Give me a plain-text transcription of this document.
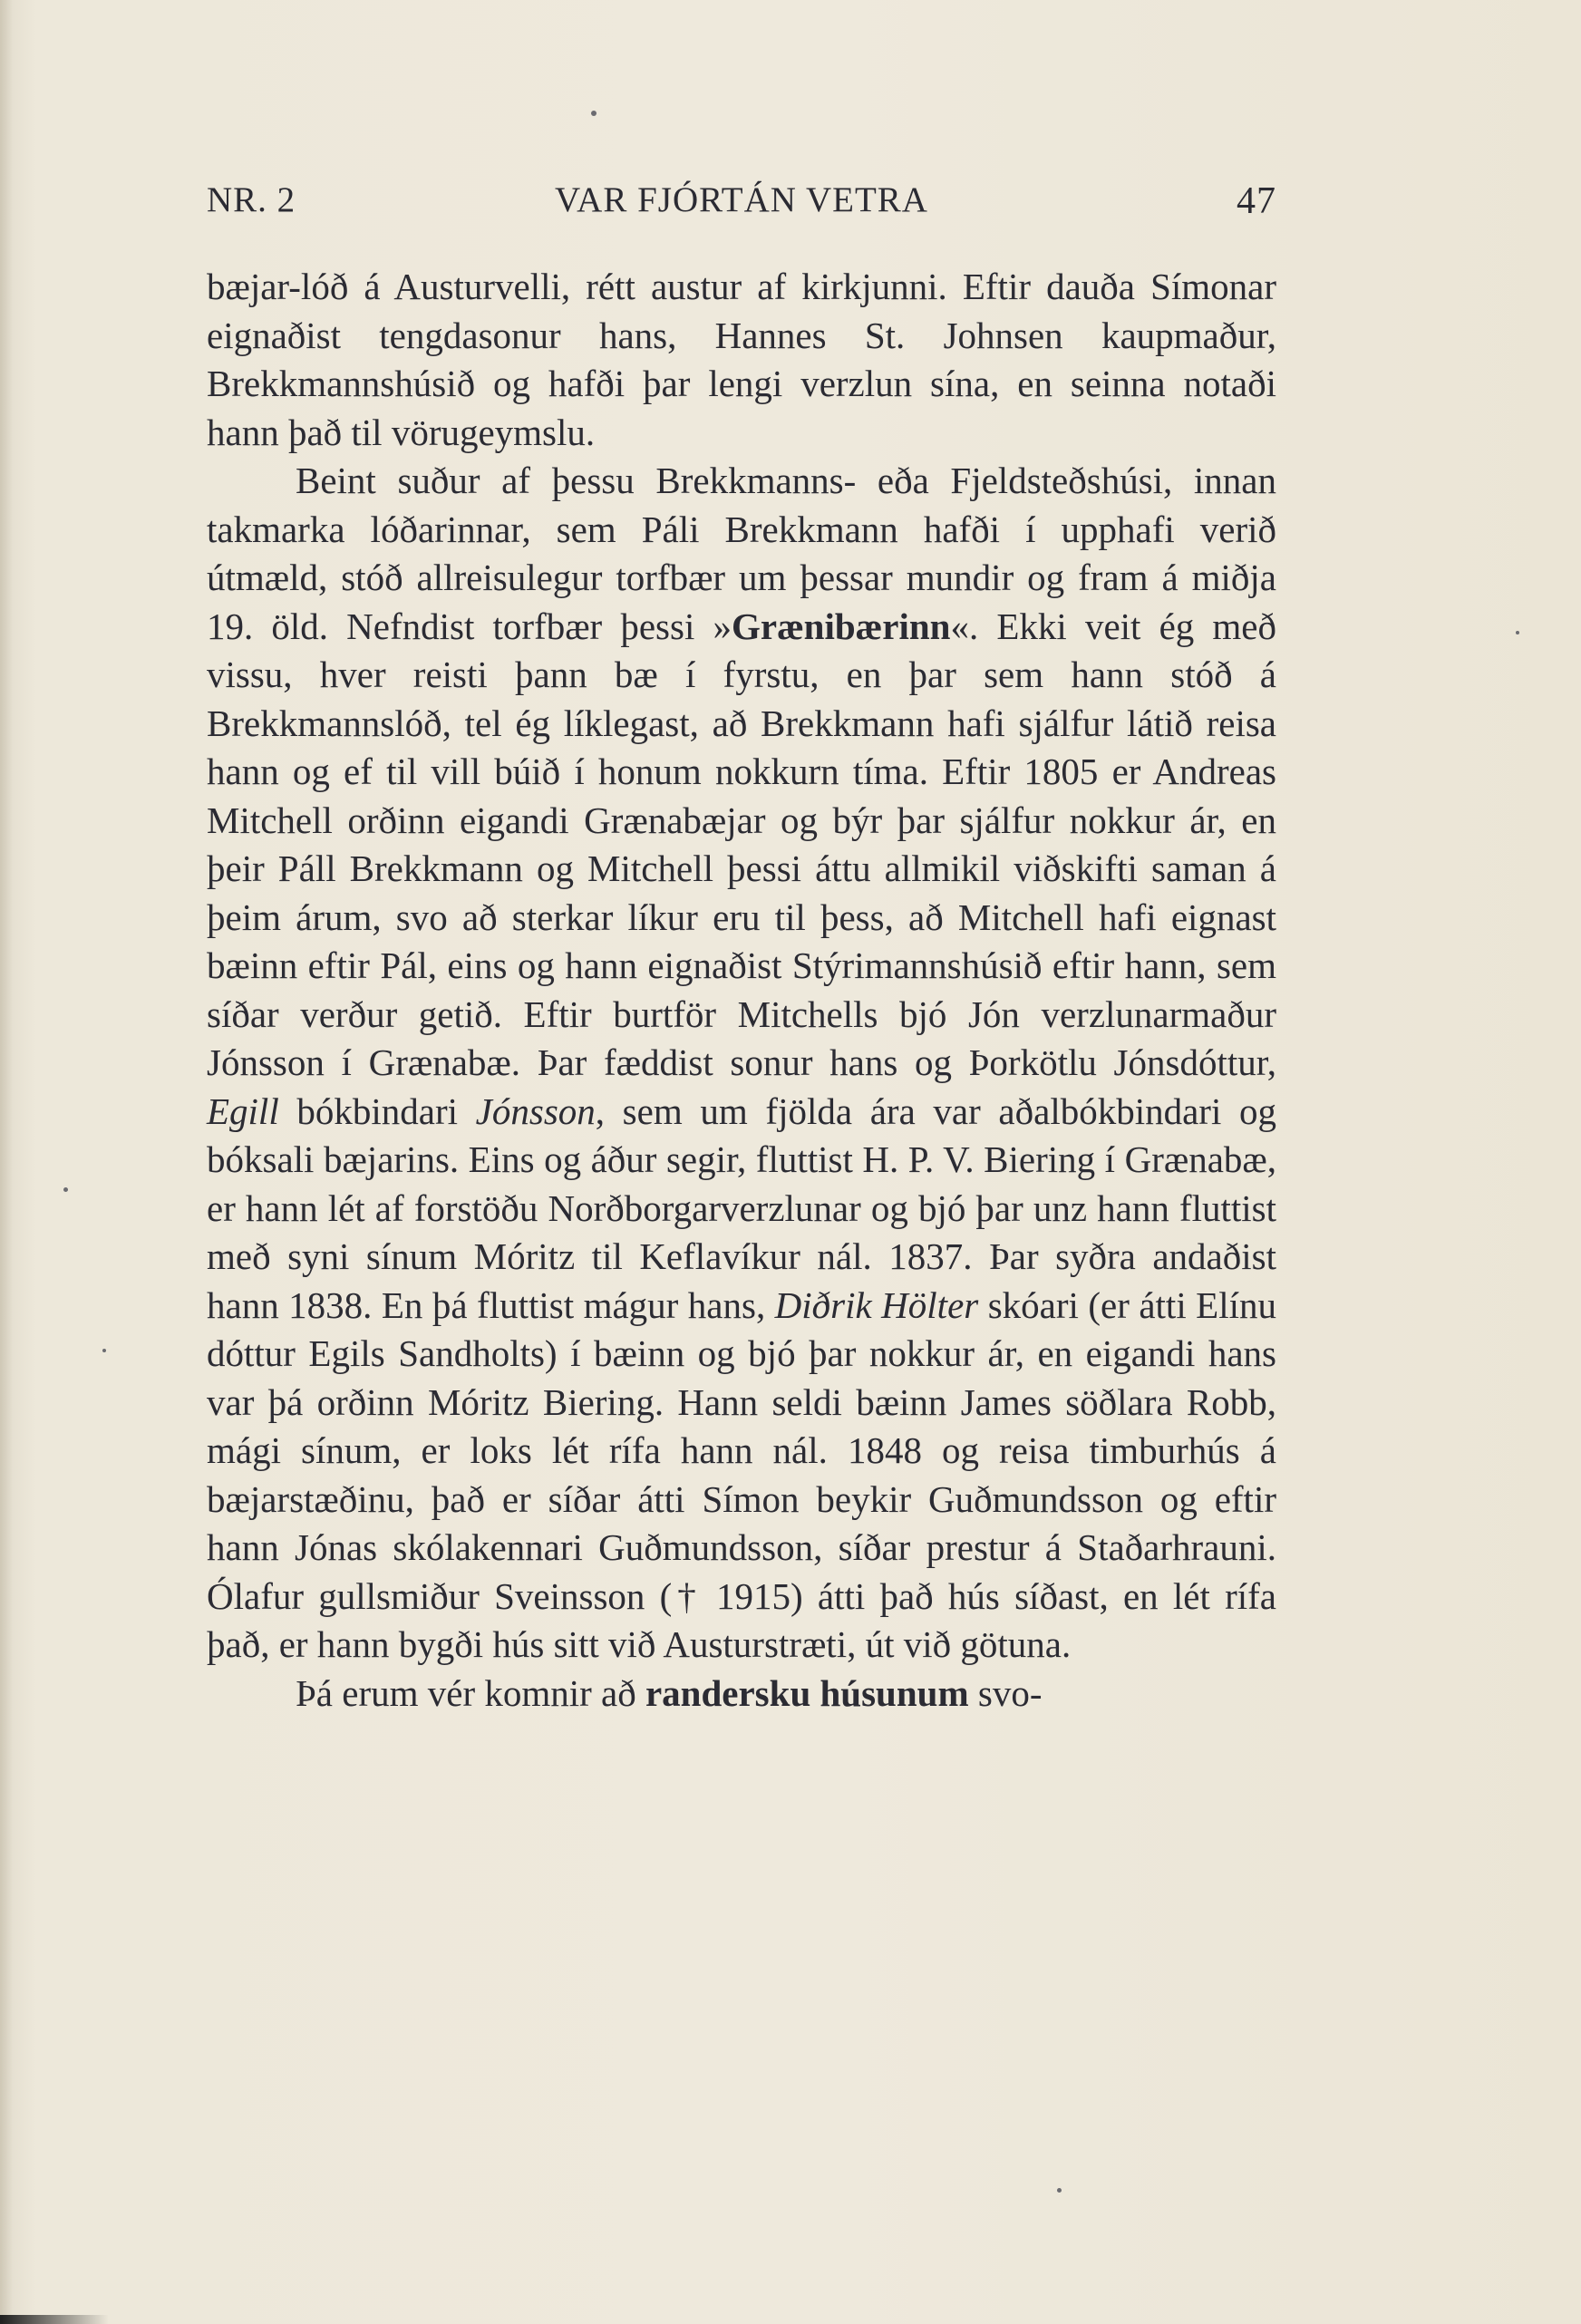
NR. 2	VAR FJÓRTÁN VETRA	47

bæjar-lóð á Austurvelli, rétt austur af kirkjunni. Eftir dauða Símonar eignaðist tengdasonur hans, Hannes St. Johnsen kaupmaður, Brekkmannshúsið og hafði þar lengi verzlun sína, en seinna notaði hann það til vörugeymslu.

Beint suður af þessu Brekkmanns- eða Fjeldsteðshúsi, innan takmarka lóðarinnar, sem Páli Brekkmann hafði í upphafi verið útmæld, stóð allreisulegur torfbær um þessar mundir og fram á miðja 19. öld. Nefndist torfbær þessi »Grænibærinn«. Ekki veit ég með vissu, hver reisti þann bæ í fyrstu, en þar sem hann stóð á Brekkmannslóð, tel ég líklegast, að Brekkmann hafi sjálfur látið reisa hann og ef til vill búið í honum nokkurn tíma. Eftir 1805 er Andreas Mitchell orðinn eigandi Grænabæjar og býr þar sjálfur nokkur ár, en þeir Páll Brekkmann og Mitchell þessi áttu allmikil viðskifti saman á þeim árum, svo að sterkar líkur eru til þess, að Mitchell hafi eignast bæinn eftir Pál, eins og hann eignaðist Stýrimannshúsið eftir hann, sem síðar verður getið. Eftir burtför Mitchells bjó Jón verzlunarmaður Jónsson í Grænabæ. Þar fæddist sonur hans og Þorkötlu Jónsdóttur, Egill bókbindari Jónsson, sem um fjölda ára var aðalbókbindari og bóksali bæjarins. Eins og áður segir, fluttist H. P. V. Biering í Grænabæ, er hann lét af forstöðu Norðborgarverzlunar og bjó þar unz hann fluttist með syni sínum Móritz til Keflavíkur nál. 1837. Þar syðra andaðist hann 1838. En þá fluttist mágur hans, Diðrik Hölter skóari (er átti Elínu dóttur Egils Sandholts) í bæinn og bjó þar nokkur ár, en eigandi hans var þá orðinn Móritz Biering. Hann seldi bæinn James söðlara Robb, mági sínum, er loks lét rífa hann nál. 1848 og reisa timburhús á bæjarstæðinu, það er síðar átti Símon beykir Guðmundsson og eftir hann Jónas skólakennari Guðmundsson, síðar prestur á Staðarhrauni. Ólafur gullsmiður Sveinsson († 1915) átti það hús síðast, en lét rífa það, er hann bygði hús sitt við Austurstræti, út við götuna.

Þá erum vér komnir að randersku húsunum svo-
